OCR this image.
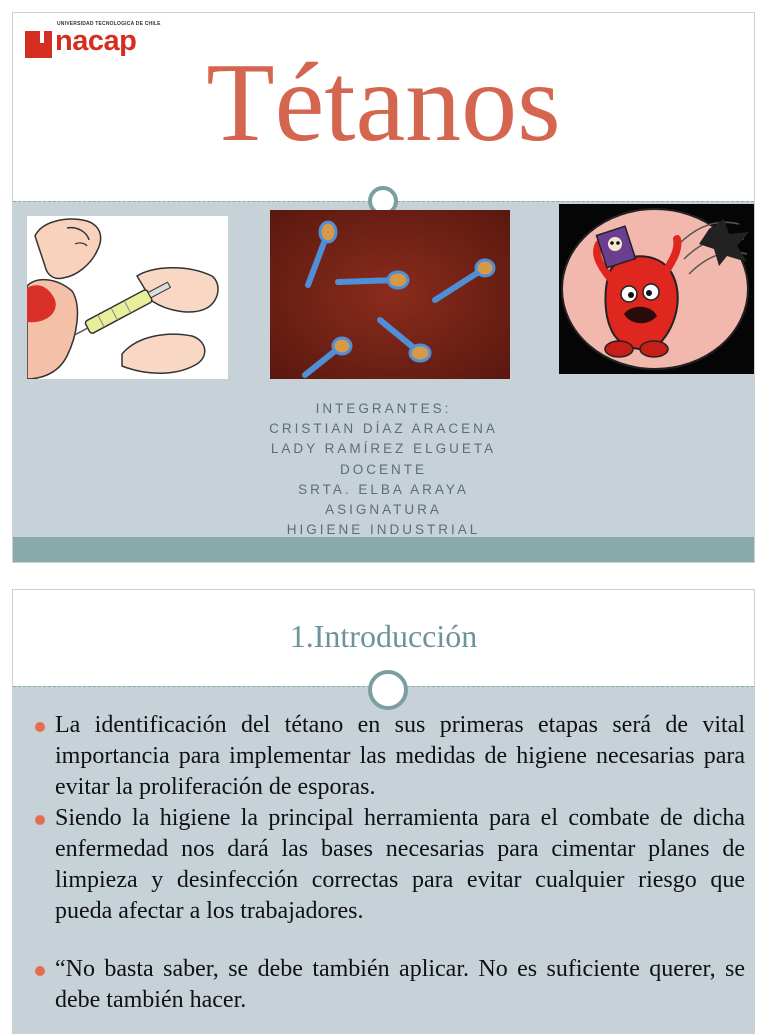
UNIVERSIDAD TECNOLOGICA DE CHILE
nacap Tétanos
INTEGRANTES:
CRISTIAN DÍAZ ARACENA
LADY RAMÍREZ ELGUETA
DOCENTE
SRTA. ELBA ARAYA
ASIGNATURA
HIGIENE INDUSTRIAL
1.Introducción
La identificación del tétano en sus primeras etapas será de vital importancia para implementar las medidas de higiene necesarias para evitar la proliferación de esporas.
Siendo la higiene la principal herramienta para el combate de dicha enfermedad nos dará las bases necesarias para cimentar planes de limpieza y desinfección correctas para evitar cualquier riesgo que pueda afectar a los trabajadores.
“No basta saber, se debe también aplicar. No es suficiente querer, se debe también hacer.
